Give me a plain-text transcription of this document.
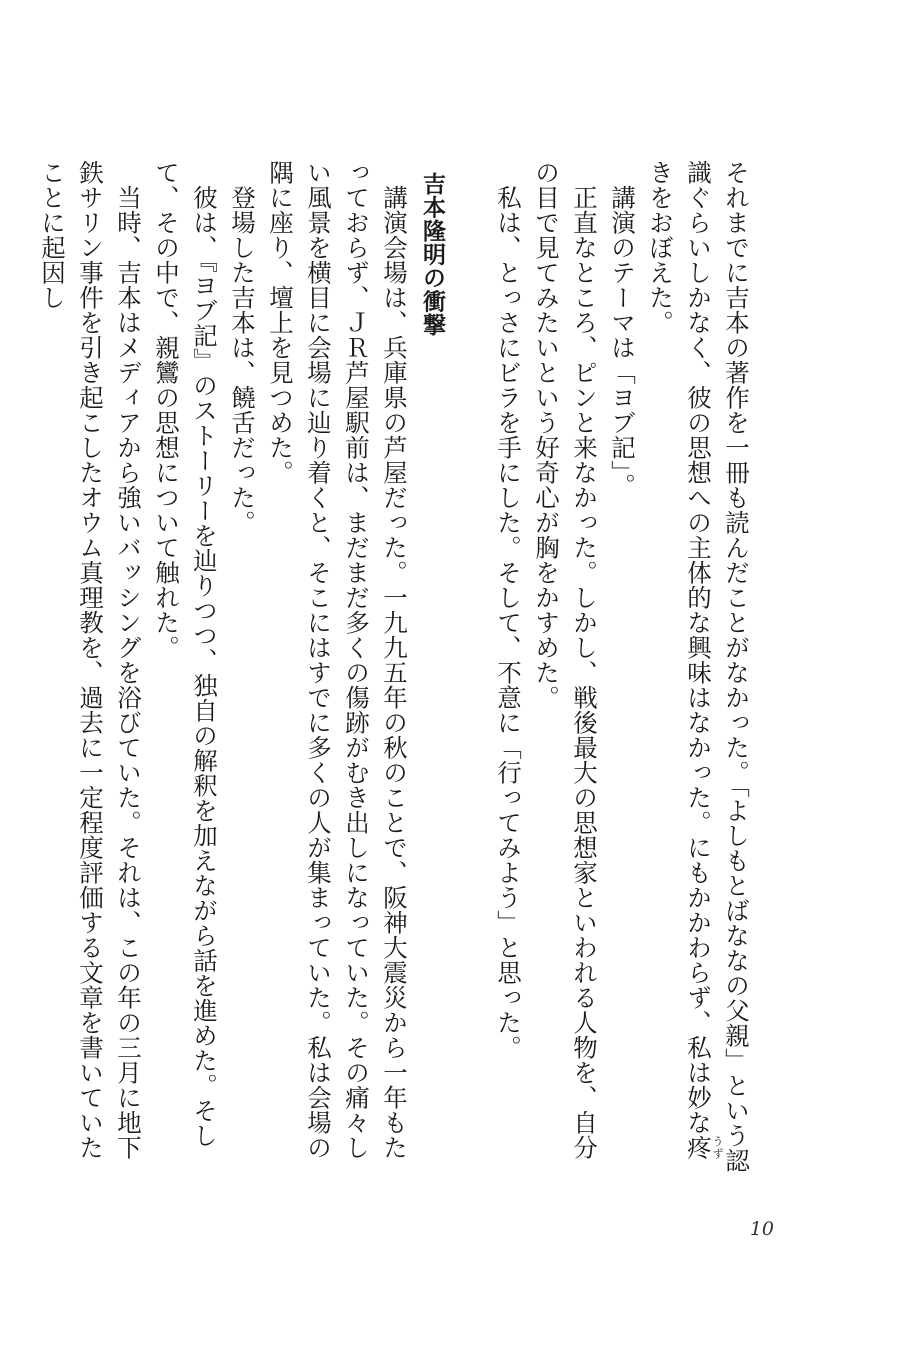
それまでに吉本の著作を一冊も読んだことがなかった。「よしもとばななの父親」という認識ぐらいしかなく、彼の思想への主体的な興味はなかった。にもかかわらず、私は妙な疼うずきをおぼえた。

講演のテーマは「ヨブ記」。

正直なところ、ピンと来なかった。しかし、戦後最大の思想家といわれる人物を、自分の目で見てみたいという好奇心が胸をかすめた。

私は、とっさにビラを手にした。そして、不意に「行ってみよう」と思った。

吉本隆明の衝撃

講演会場は、兵庫県の芦屋だった。一九九五年の秋のことで、阪神大震災から一年もたっておらず、ＪＲ芦屋駅前は、まだまだ多くの傷跡がむき出しになっていた。その痛々しい風景を横目に会場に辿り着くと、そこにはすでに多くの人が集まっていた。私は会場の隅に座り、壇上を見つめた。

登場した吉本は、饒舌だった。

彼は、『ヨブ記』のストーリーを辿りつつ、独自の解釈を加えながら話を進めた。そして、その中で、親鸞の思想について触れた。

当時、吉本はメディアから強いバッシングを浴びていた。それは、この年の三月に地下鉄サリン事件を引き起こしたオウム真理教を、過去に一定程度評価する文章を書いていたことに起因し

10
